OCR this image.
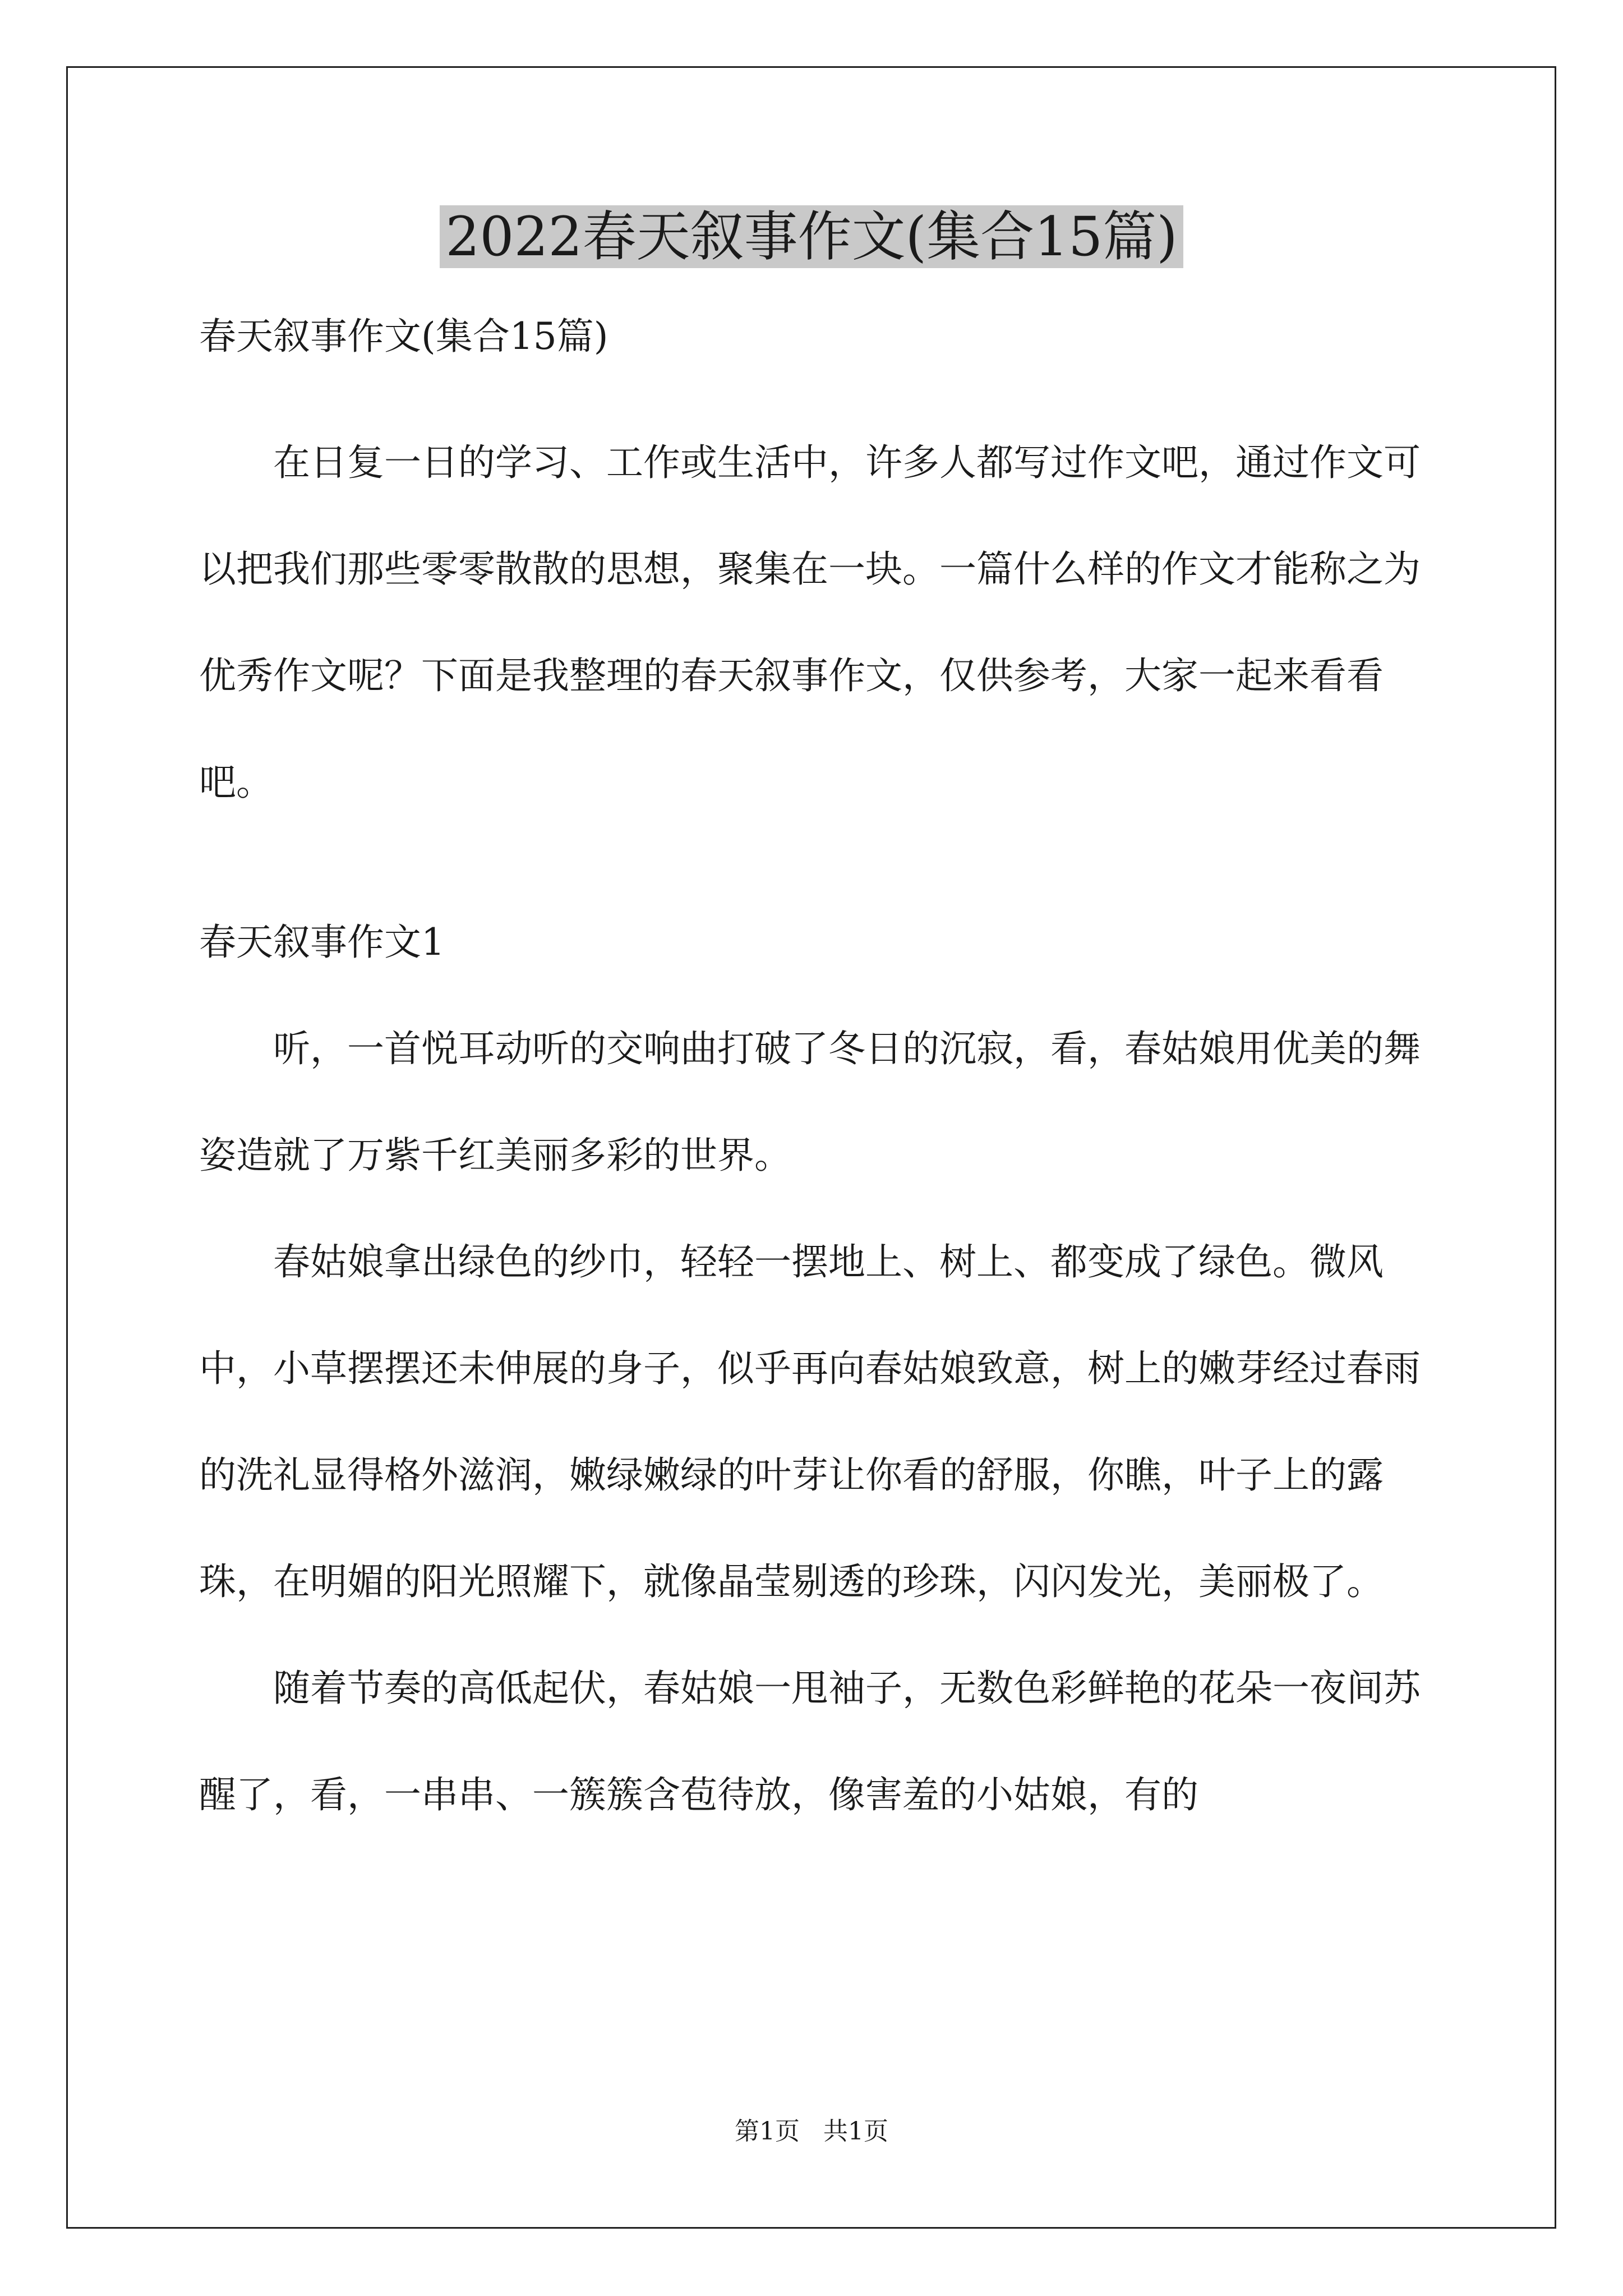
2022春天叙事作文(集合15篇)

春天叙事作文(集合15篇)

在日复一日的学习、工作或生活中，许多人都写过作文吧，通过作文可以把我们那些零零散散的思想，聚集在一块。一篇什么样的作文才能称之为优秀作文呢？下面是我整理的春天叙事作文，仅供参考，大家一起来看看吧。

春天叙事作文1

听，一首悦耳动听的交响曲打破了冬日的沉寂，看，春姑娘用优美的舞姿造就了万紫千红美丽多彩的世界。

春姑娘拿出绿色的纱巾，轻轻一摆地上、树上、都变成了绿色。微风中，小草摆摆还未伸展的身子，似乎再向春姑娘致意，树上的嫩芽经过春雨的洗礼显得格外滋润，嫩绿嫩绿的叶芽让你看的舒服，你瞧，叶子上的露珠，在明媚的阳光照耀下，就像晶莹剔透的珍珠，闪闪发光，美丽极了。

随着节奏的高低起伏，春姑娘一甩袖子，无数色彩鲜艳的花朵一夜间苏醒了，看，一串串、一簇簇含苞待放，像害羞的小姑娘，有的

第1页   共1页
